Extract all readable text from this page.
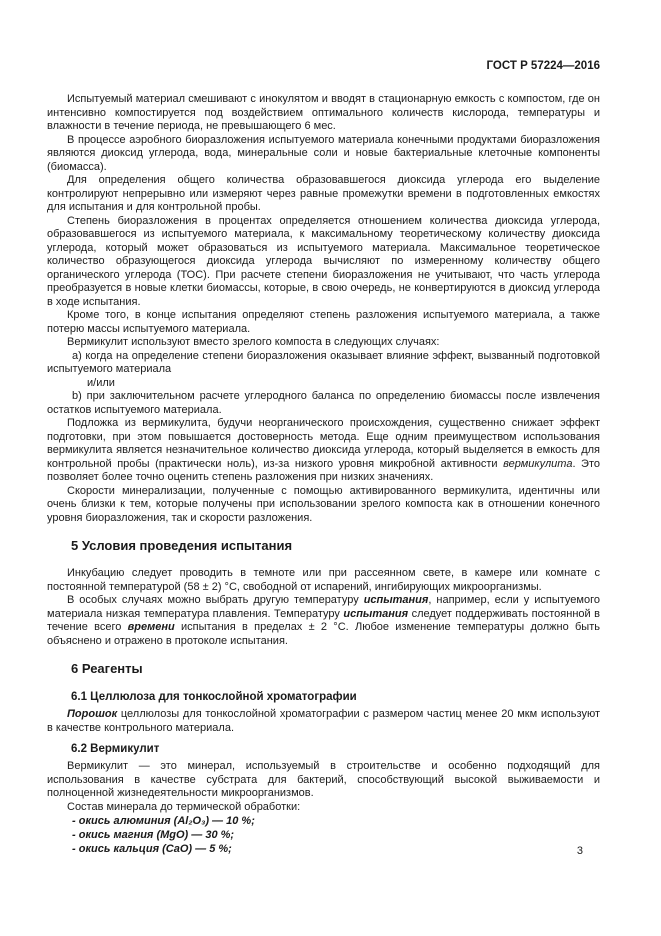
ГОСТ Р 57224—2016

Испытуемый материал смешивают с инокулятом и вводят в стационарную емкость с компостом, где он интенсивно компостируется под воздействием оптимального количеств кислорода, температуры и влажности в течение периода, не превышающего 6 мес.

В процессе аэробного биоразложения испытуемого материала конечными продуктами биоразложения являются диоксид углерода, вода, минеральные соли и новые бактериальные клеточные компоненты (биомасса).

Для определения общего количества образовавшегося диоксида углерода его выделение контролируют непрерывно или измеряют через равные промежутки времени в подготовленных емкостях для испытания и для контрольной пробы.

Степень биоразложения в процентах определяется отношением количества диоксида углерода, образовавшегося из испытуемого материала, к максимальному теоретическому количеству диоксида углерода, который может образоваться из испытуемого материала. Максимальное теоретическое количество образующегося диоксида углерода вычисляют по измеренному количеству общего органического углерода (ТОС). При расчете степени биоразложения не учитывают, что часть углерода преобразуется в новые клетки биомассы, которые, в свою очередь, не конвертируются в диоксид углерода в ходе испытания.

Кроме того, в конце испытания определяют степень разложения испытуемого материала, а также потерю массы испытуемого материала.

Вермикулит используют вместо зрелого компоста в следующих случаях:

a) когда на определение степени биоразложения оказывает влияние эффект, вызванный подготовкой испытуемого материала

и/или

b) при заключительном расчете углеродного баланса по определению биомассы после извлечения остатков испытуемого материала.

Подложка из вермикулита, будучи неорганического происхождения, существенно снижает эффект подготовки, при этом повышается достоверность метода. Еще одним преимуществом использования вермикулита является незначительное количество диоксида углерода, который выделяется в емкость для контрольной пробы (практически ноль), из-за низкого уровня микробной активности вермикулита. Это позволяет более точно оценить степень разложения при низких значениях.

Скорости минерализации, полученные с помощью активированного вермикулита, идентичны или очень близки к тем, которые получены при использовании зрелого компоста как в отношении конечного уровня биоразложения, так и скорости разложения.

5 Условия проведения испытания

Инкубацию следует проводить в темноте или при рассеянном свете, в камере или комнате с постоянной температурой (58 ± 2) °С, свободной от испарений, ингибирующих микроорганизмы.

В особых случаях можно выбрать другую температуру испытания, например, если у испытуемого материала низкая температура плавления. Температуру испытания следует поддерживать постоянной в течение всего времени испытания в пределах ± 2 °С. Любое изменение температуры должно быть объяснено и отражено в протоколе испытания.

6 Реагенты
6.1 Целлюлоза для тонкослойной хроматографии

Порошок целлюлозы для тонкослойной хроматографии с размером частиц менее 20 мкм используют в качестве контрольного материала.

6.2 Вермикулит

Вермикулит — это минерал, используемый в строительстве и особенно подходящий для использования в качестве субстрата для бактерий, способствующий высокой выживаемости и полноценной жизнедеятельности микроорганизмов.

Состав минерала до термической обработки:

- окись алюминия (Al₂O₃) — 10 %;

- окись магния (MgO) — 30 %;

- окись кальция (CaO) — 5 %;	3
